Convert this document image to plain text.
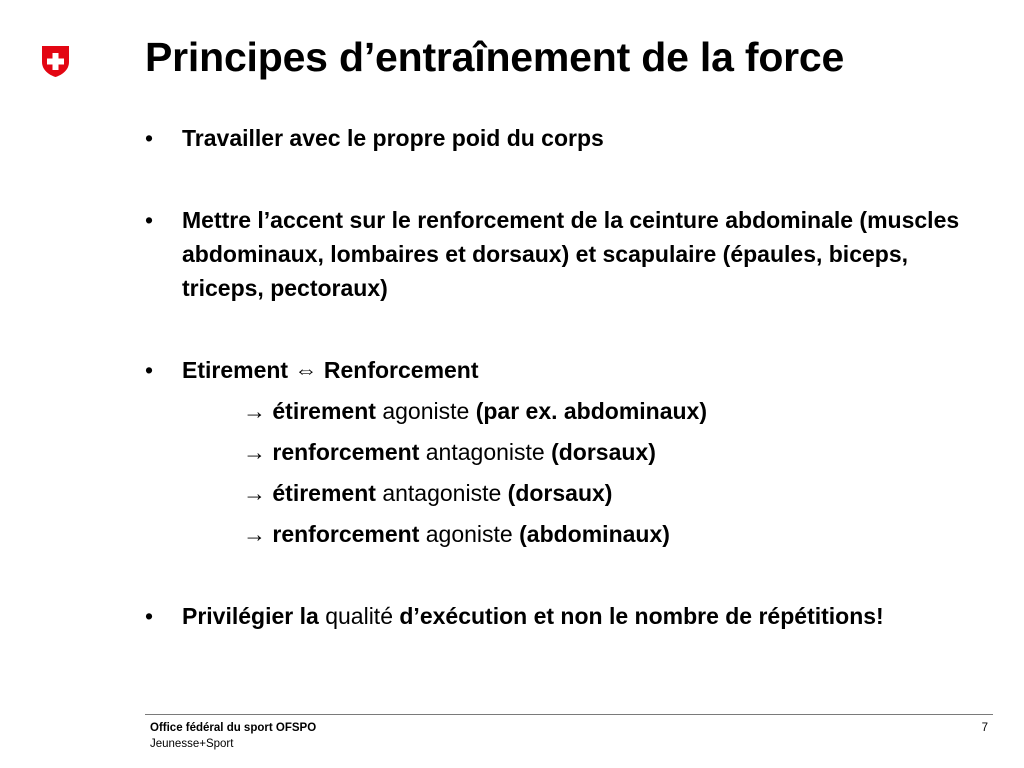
Principes d’entraînement de la force
• Travailler avec le propre poid du corps
• Mettre l’accent sur le renforcement de la ceinture abdominale (muscles abdominaux, lombaires et dorsaux) et scapulaire (épaules, biceps, triceps, pectoraux)
• Etirement ⇔ Renforcement
→ étirement agoniste (par ex. abdominaux)
→ renforcement antagoniste (dorsaux)
→ étirement antagoniste (dorsaux)
→ renforcement agoniste (abdominaux)
• Privilégier la qualité d’exécution et non le nombre de répétitions!
Office fédéral du sport OFSPO
Jeunesse+Sport
7
